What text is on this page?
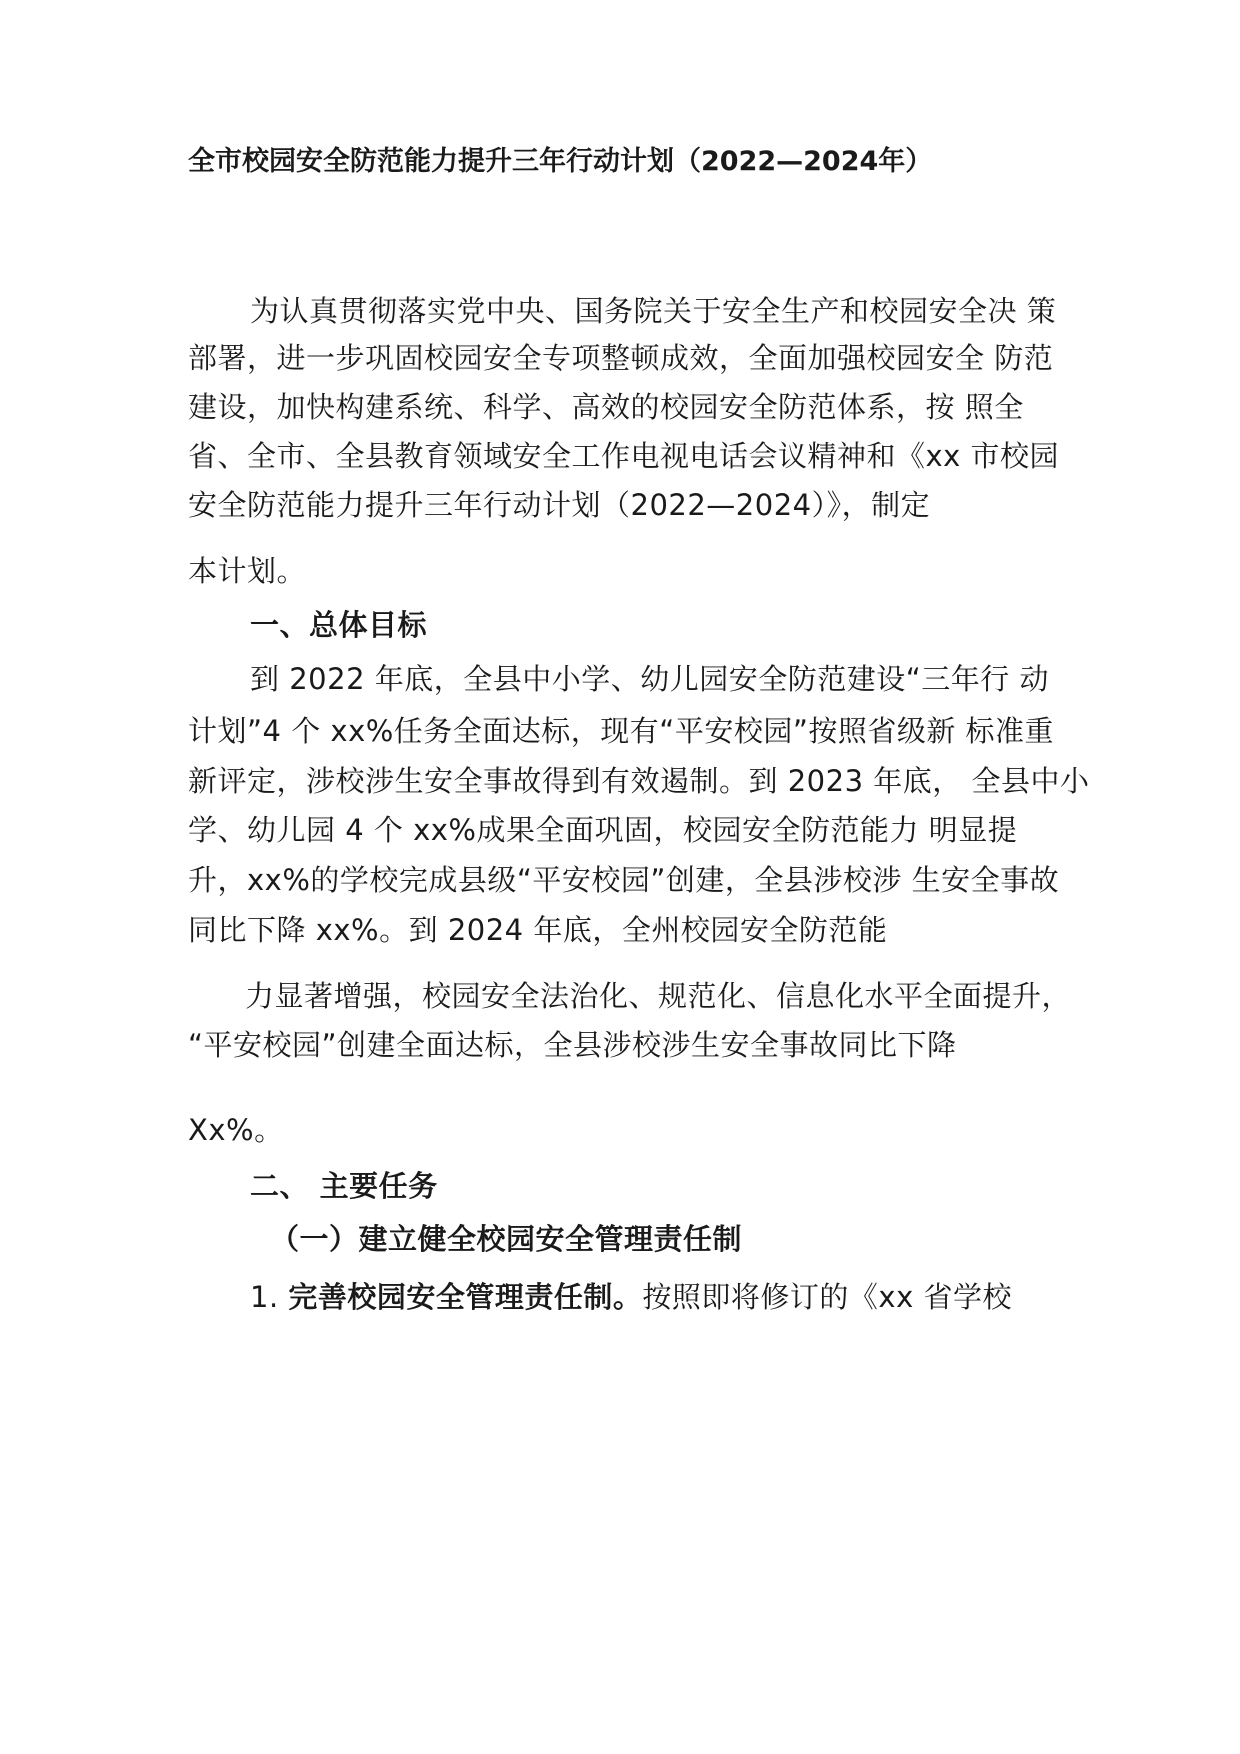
全市校园安全防范能力提升三年行动计划（2022—2024年）

为认真贯彻落实党中央、国务院关于安全生产和校园安全决 策

部署，进一步巩固校园安全专项整顿成效，全面加强校园安全 防范

建设，加快构建系统、科学、高效的校园安全防范体系，按 照全

省、全市、全县教育领域安全工作电视电话会议精神和《xx 市校园

安全防范能力提升三年行动计划（2022—2024）》，制定

本计划。

一、总体目标

到 2022 年底，全县中小学、幼儿园安全防范建设“三年行 动

计划”4 个 xx%任务全面达标，现有“平安校园”按照省级新 标准重

新评定，涉校涉生安全事故得到有效遏制。到 2023 年底， 全县中小

学、幼儿园 4 个 xx%成果全面巩固，校园安全防范能力 明显提

升，xx%的学校完成县级“平安校园”创建，全县涉校涉 生安全事故

同比下降 xx%。到 2024 年底，全州校园安全防范能

力显著增强，校园安全法治化、规范化、信息化水平全面提升，

“平安校园”创建全面达标，全县涉校涉生安全事故同比下降

Xx%。

二、 主要任务
（一）建立健全校园安全管理责任制

1. 完善校园安全管理责任制。按照即将修订的《xx 省学校
